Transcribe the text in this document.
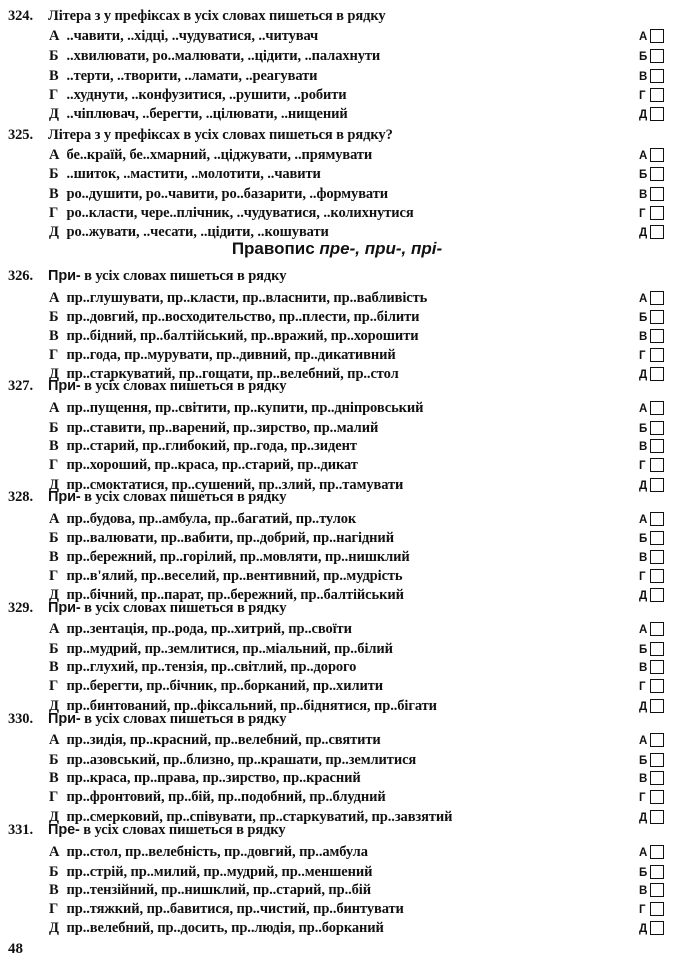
Правопис пре-, при-, прі-
48
324. Літера з у префіксах в усіх словах пишеться в рядку
А ..чавити, ..хідці, ..чудуватися, ..читувач	А
Б ..хвилювати, ро..малювати, ..цідити, ..палахнути	Б
В ..терти, ..творити, ..ламати, ..реагувати	В
Г ..худнути, ..конфузитися, ..рушити, ..робити	Г
Д ..чіплювач, ..берегти, ..цілювати, ..нищений	Д
325. Літера з у префіксах в усіх словах пишеться в рядку?
А бе..країй, бе..хмарний, ..ціджувати, ..прямувати	А
Б ..шиток, ..мастити, ..молотити, ..чавити	Б
В ро..душити, ро..чавити, ро..базарити, ..формувати	В
Г ро..класти, чере..плічник, ..чудуватися, ..колихнутися	Г
Д ро..жувати, ..чесати, ..цідити, ..кошувати	Д
326. При- в усіх словах пишеться в рядку
А пр..глушувати, пр..класти, пр..власнити, пр..вабливість	А
Б пр..довгий, пр..восходительство, пр..плести, пр..білити	Б
В пр..бідний, пр..балтійський, пр..вражий, пр..хорошити	В
Г пр..года, пр..мурувати, пр..дивний, пр..дикативний	Г
Д пр..старкуватий, пр..гощати, пр..велебний, пр..стол	Д
327. При- в усіх словах пишеться в рядку
А пр..пущення, пр..світити, пр..купити, пр..дніпровський	А
Б пр..ставити, пр..варений, пр..зирство, пр..малий	Б
В пр..старий, пр..глибокий, пр..года, пр..зидент	В
Г пр..хороший, пр..краса, пр..старий, пр..дикат	Г
Д пр..смоктатися, пр..сушений, пр..злий, пр..тамувати	Д
328. При- в усіх словах пишеться в рядку
А пр..будова, пр..амбула, пр..багатий, пр..тулок	А
Б пр..валювати, пр..вабити, пр..добрий, пр..нагідний	Б
В пр..бережний, пр..горілий, пр..мовляти, пр..нишклий	В
Г пр..в'ялий, пр..веселий, пр..вентивний, пр..мудрість	Г
Д пр..бічний, пр..парат, пр..бережний, пр..балтійський	Д
329. При- в усіх словах пишеться в рядку
А пр..зентація, пр..рода, пр..хитрий, пр..своїти	А
Б пр..мудрий, пр..землитися, пр..міальний, пр..білий	Б
В пр..глухий, пр..тензія, пр..світлий, пр..дорого	В
Г пр..берегти, пр..бічник, пр..борканий, пр..хилити	Г
Д пр..бинтований, пр..фіксальний, пр..біднятися, пр..бігати	Д
330. При- в усіх словах пишеться в рядку
А пр..зидія, пр..красний, пр..велебний, пр..святити	А
Б пр..азовський, пр..близно, пр..крашати, пр..землитися	Б
В пр..краса, пр..права, пр..зирство, пр..красний	В
Г пр..фронтовий, пр..бій, пр..подобний, пр..блудний	Г
Д пр..смерковий, пр..співувати, пр..старкуватий, пр..завзятий	Д
331. Пре- в усіх словах пишеться в рядку
А пр..стол, пр..велебність, пр..довгий, пр..амбула	А
Б пр..стрій, пр..милий, пр..мудрий, пр..меншений	Б
В пр..тензійний, пр..нишклий, пр..старий, пр..бій	В
Г пр..тяжкий, пр..бавитися, пр..чистий, пр..бинтувати	Г
Д пр..велебний, пр..досить, пр..людія, пр..борканий	Д
